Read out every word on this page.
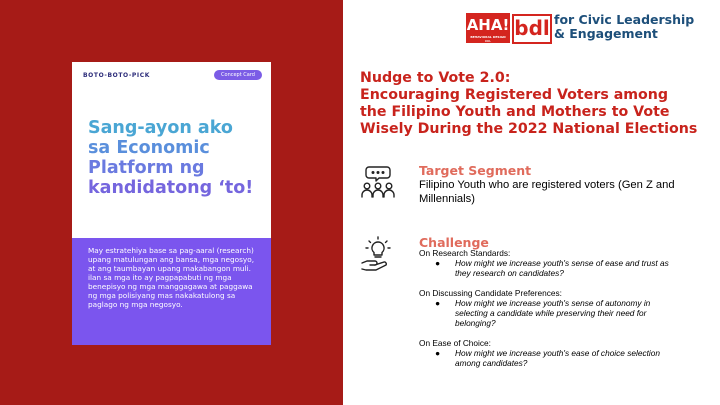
BOTO-BOTO-PICK	Concept Card
Sang-ayon ako
sa Economic
Platform ng
kandidatong ‘to!
May estratehiya base sa pag-aaral (research) upang matulungan ang bansa, mga negosyo, at ang taumbayan upang makabangon muli. ilan sa mga ito ay pagpapabuti ng mga benepisyo ng mga manggagawa at paggawa ng mga polisiyang mas nakakatulong sa paglago ng mga negosyo.
AHA!
BEHAVIORAL DESIGN CO.
bdl for Civic Leadership
& Engagement
Nudge to Vote 2.0:
Encouraging Registered Voters among
the Filipino Youth and Mothers to Vote
Wisely During the 2022 National Elections
Target Segment
Filipino Youth who are registered voters (Gen Z and Millennials)
Challenge
On Research Standards:
●	How might we increase youth's sense of ease and trust as they research on candidates?
On Discussing Candidate Preferences:
●	How might we increase youth's sense of autonomy in selecting a candidate while preserving their need for belonging?
On Ease of Choice:
●	How might we increase youth's ease of choice selection among candidates?
